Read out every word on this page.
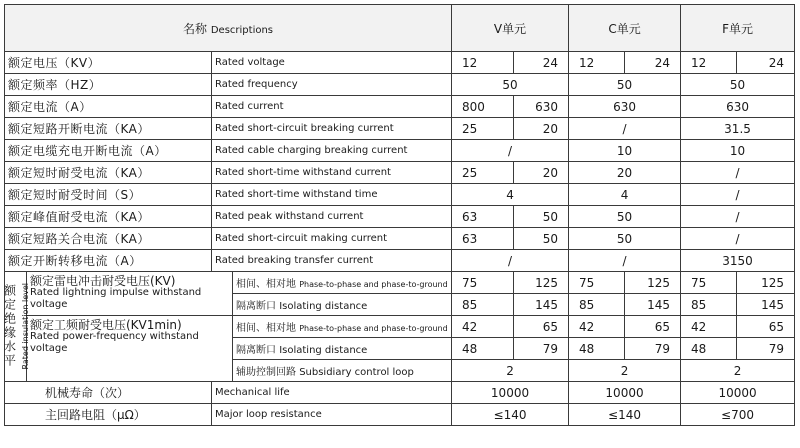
名称 Descriptions				V单元		C单元		F单元	
额定电压（KV）		Rated voltage		12	24	12	24	12	24
额定频率（HZ）		Rated frequency		50		50		50	
额定电流（A）		Rated current		800	630	630		630	
额定短路开断电流（KA）		Rated short-circuit breaking current		25	20	/		31.5	
额定电缆充电开断电流（A）		Rated cable charging breaking current		/		10		10	
额定短时耐受电流（KA）		Rated short-time withstand current		25	20	20		/	
额定短时耐受时间（S）		Rated short-time withstand time		4		4		/	
额定峰值耐受电流（KA）		Rated peak withstand current		63	50	50		/	
额定短路关合电流（KA）		Rated short-circuit making current		63	50	50		/	
额定开断转移电流（A）		Rated breaking transfer current		/		/		3150	

额定绝缘水平 Rated insulation level	额定雷电冲击耐受电压(KV)
Rated lightning impulse withstand voltage		相间、相对地 Phase-to-phase and phase-to-ground	75	125	75	125	75	125
			隔离断口 Isolating distance	85	145	85	145	85	145

	额定工频耐受电压(KV1min)
Rated power-frequency withstand voltage		相间、相对地 Phase-to-phase and phase-to-ground	42	65	42	65	42	65
			隔离断口 Isolating distance	48	79	48	79	48	79
			辅助控制回路 Subsidiary control loop	2		2		2	
机械寿命（次）		Mechanical life		10000		10000		10000	
主回路电阻（μΩ）		Major loop resistance		≤140		≤140		≤700	
